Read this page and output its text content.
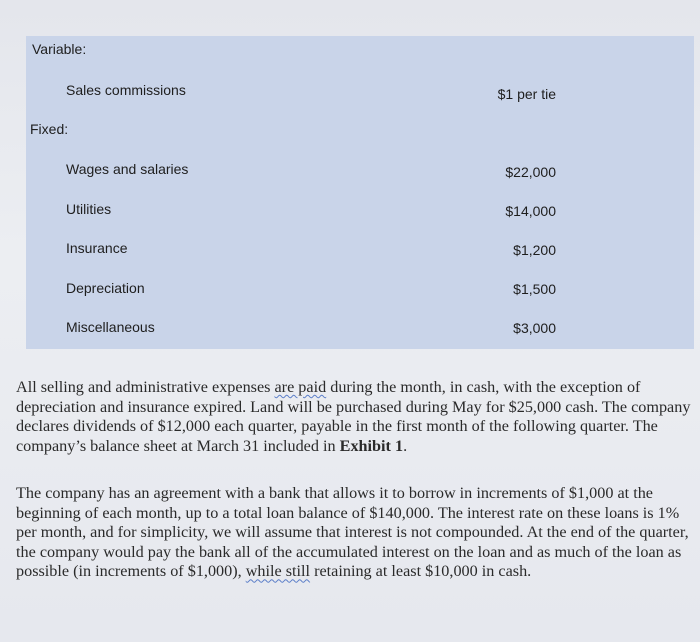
Variable:
Sales commissions	$1 per tie
Fixed:
Wages and salaries	$22,000
Utilities	$14,000
Insurance	$1,200
Depreciation	$1,500
Miscellaneous	$3,000

All selling and administrative expenses are paid during the month, in cash, with the exception of depreciation and insurance expired. Land will be purchased during May for $25,000 cash. The company declares dividends of $12,000 each quarter, payable in the first month of the following quarter. The company’s balance sheet at March 31 included in Exhibit 1.

The company has an agreement with a bank that allows it to borrow in increments of $1,000 at the beginning of each month, up to a total loan balance of $140,000. The interest rate on these loans is 1% per month, and for simplicity, we will assume that interest is not compounded. At the end of the quarter, the company would pay the bank all of the accumulated interest on the loan and as much of the loan as possible (in increments of $1,000), while still retaining at least $10,000 in cash.
